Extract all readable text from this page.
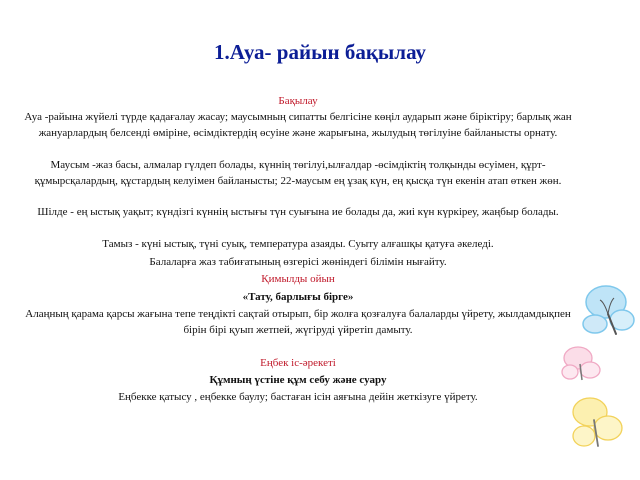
1.Ауа- райын бақылау
Бақылау
Ауа -райына жүйелі түрде қадағалау жасау; маусымның сипатты белгісіне көңіл аударып және біріктіру; барлық жан жануарлардың белсенді өміріне, өсімдіктердің өсуіне және жарығына, жылудың төгілуіне байланысты орнату.
Маусым -жаз басы, алмалар гүлдеп болады, күннің төгілуі,ылғалдар -өсімдіктің толқынды өсуімен, құрт-құмырсқалардың, құстардың келуімен байланысты; 22-маусым ең ұзақ күн, ең қысқа түн екенін атап өткен жөн.
Шілде - ең ыстық уақыт; күндізгі күннің ыстығы түн суығына ие болады да, жиі күн күркіреу, жаңбыр болады.
Тамыз - күні ыстық, түні суық, температура азаяды. Суыту алғашқы қатуға әкеледі.
Балаларға жаз табиғатының өзгерісі жөніндегі білімін нығайту.
Қимылды ойын
«Тату, барлығы бірге»
Алаңның қарама қарсы жағына тепе теңдікті сақтай отырып, бір жолға қозғалуға балаларды үйрету, жылдамдықпен бірін бірі қуып жетпей, жүгіруді үйретіп дамыту.
Еңбек іс-әрекеті
Құмның үстіне құм себу және суару
Еңбекке қатысу , еңбекке баулу; бастаған ісін аяғына дейін жеткізуге үйрету.
